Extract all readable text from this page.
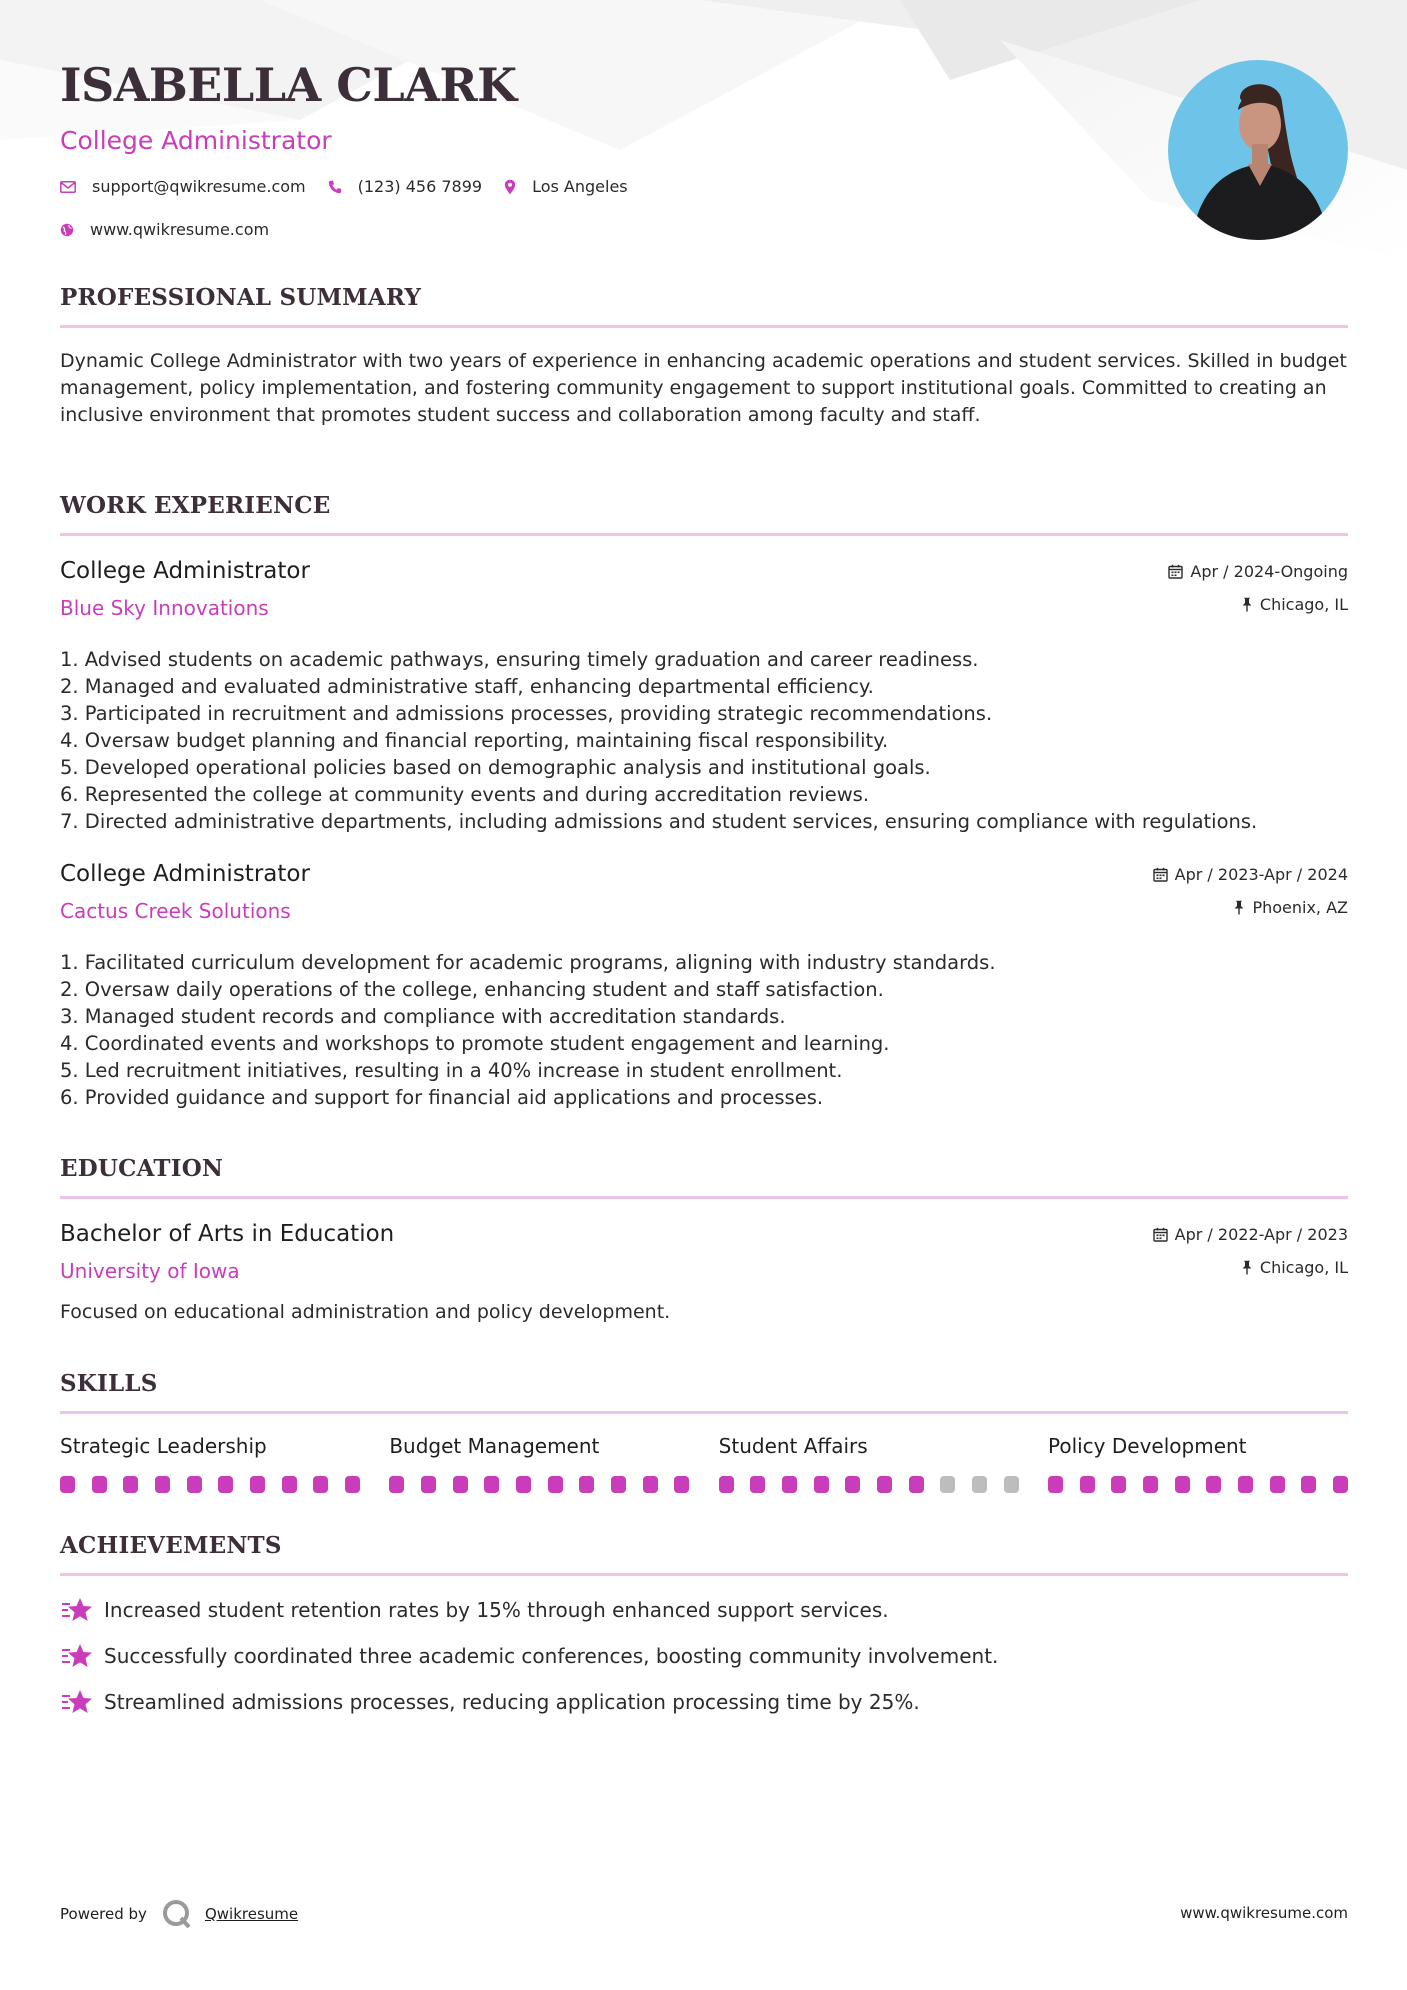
ISABELLA CLARK
College Administrator
support@qwikresume.com	(123) 456 7899	Los Angeles
www.qwikresume.com
PROFESSIONAL SUMMARY

Dynamic College Administrator with two years of experience in enhancing academic operations and student services. Skilled in budget management, policy implementation, and fostering community engagement to support institutional goals. Committed to creating an inclusive environment that promotes student success and collaboration among faculty and staff.

WORK EXPERIENCE
College Administrator
Blue Sky Innovations
Apr / 2024-Ongoing
Chicago, IL
1. Advised students on academic pathways, ensuring timely graduation and career readiness.
2. Managed and evaluated administrative staff, enhancing departmental efficiency.
3. Participated in recruitment and admissions processes, providing strategic recommendations.
4. Oversaw budget planning and financial reporting, maintaining fiscal responsibility.
5. Developed operational policies based on demographic analysis and institutional goals.
6. Represented the college at community events and during accreditation reviews.
7. Directed administrative departments, including admissions and student services, ensuring compliance with regulations.
College Administrator
Cactus Creek Solutions
Apr / 2023-Apr / 2024
Phoenix, AZ
1. Facilitated curriculum development for academic programs, aligning with industry standards.
2. Oversaw daily operations of the college, enhancing student and staff satisfaction.
3. Managed student records and compliance with accreditation standards.
4. Coordinated events and workshops to promote student engagement and learning.
5. Led recruitment initiatives, resulting in a 40% increase in student enrollment.
6. Provided guidance and support for financial aid applications and processes.
EDUCATION
Bachelor of Arts in Education
University of Iowa
Apr / 2022-Apr / 2023
Chicago, IL

Focused on educational administration and policy development.

SKILLS
Strategic Leadership	Budget Management	Student Affairs	Policy Development
ACHIEVEMENTS
Increased student retention rates by 15% through enhanced support services.
Successfully coordinated three academic conferences, boosting community involvement.
Streamlined admissions processes, reducing application processing time by 25%.
Powered by	Qwikresume	www.qwikresume.com
